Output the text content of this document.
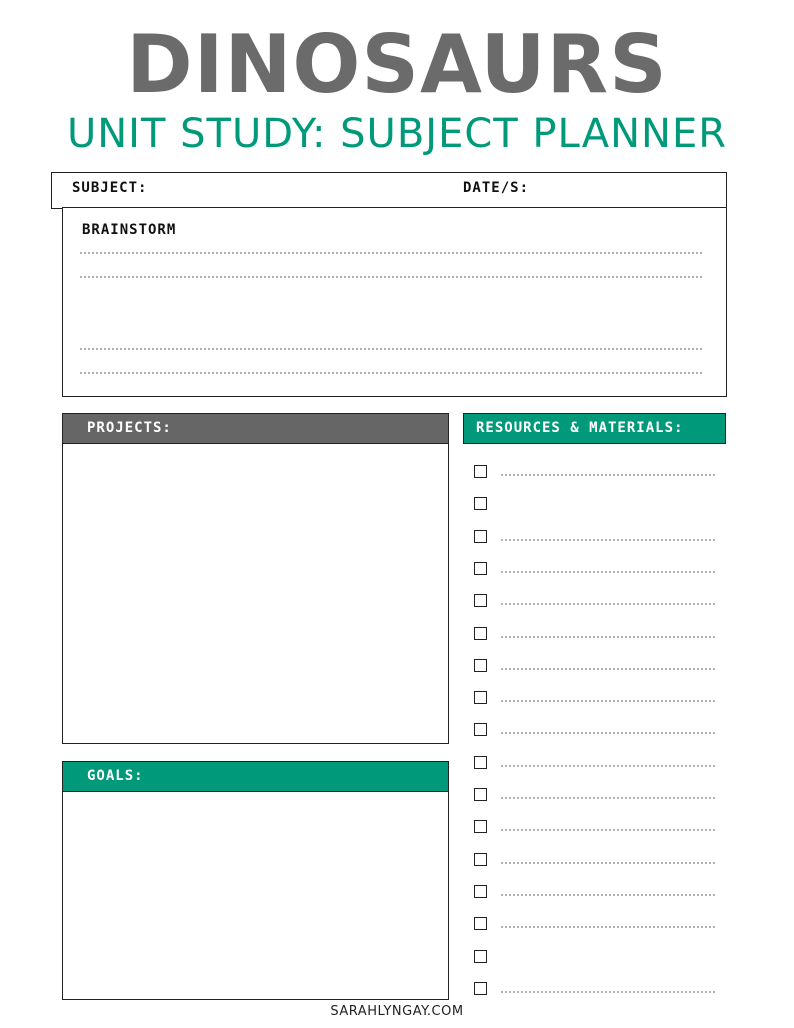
DINOSAURS
UNIT STUDY: SUBJECT PLANNER
SUBJECT:	DATE/S:
BRAINSTORM
PROJECTS:
GOALS:
RESOURCES & MATERIALS:
SARAHLYNGAY.COM
